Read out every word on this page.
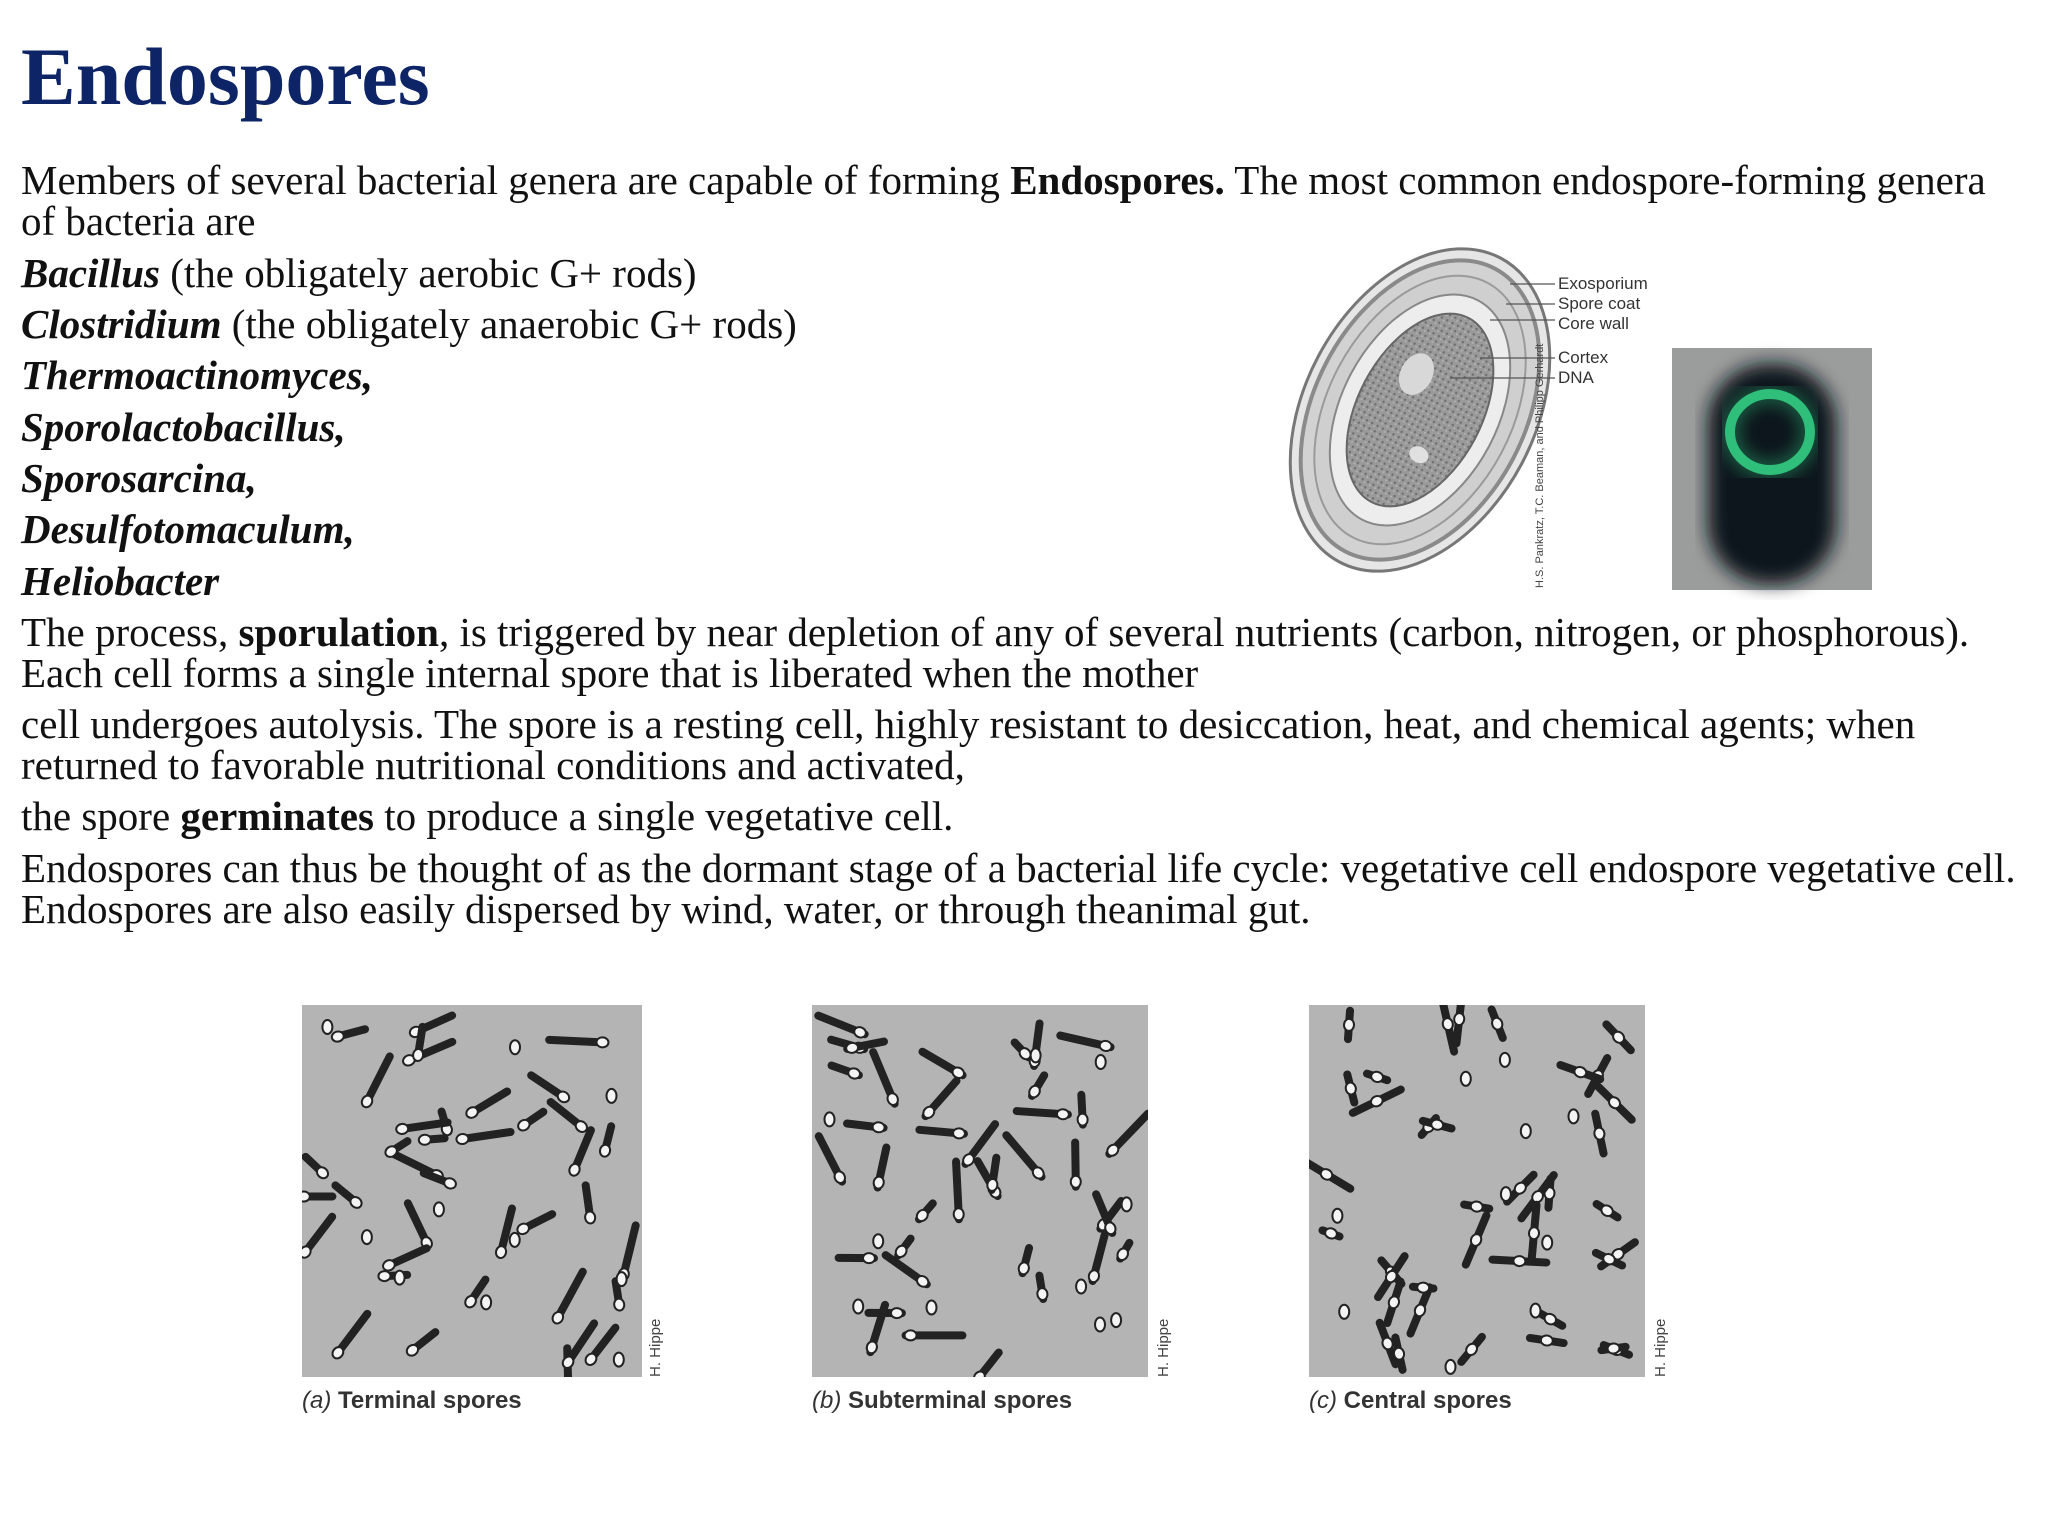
Endospores

Members of several bacterial genera are capable of forming Endospores. The most common endospore-forming genera of bacteria are

Bacillus (the obligately aerobic G+ rods)
Clostridium (the obligately anaerobic G+ rods)
Thermoactinomyces,
Sporolactobacillus,
Sporosarcina,
Desulfotomaculum,
Heliobacter

The process, sporulation, is triggered by near depletion of any of several nutrients (carbon, nitrogen, or phosphorous). Each cell forms a single internal spore that is liberated when the mother

cell undergoes autolysis. The spore is a resting cell, highly resistant to desiccation, heat, and chemical agents; when returned to favorable nutritional conditions and activated,

the spore germinates to produce a single vegetative cell.

Endospores can thus be thought of as the dormant stage of a bacterial life cycle: vegetative cell endospore vegetative cell. Endospores are also easily dispersed by wind, water, or through theanimal gut.

Exosporium
Spore coat
Core wall
Cortex
DNA
H.S. Pankratz, T.C. Beaman, and Philipp Gerhardt
H. Hippe
(a) Terminal spores
H. Hippe
(b) Subterminal spores
H. Hippe
(c) Central spores
